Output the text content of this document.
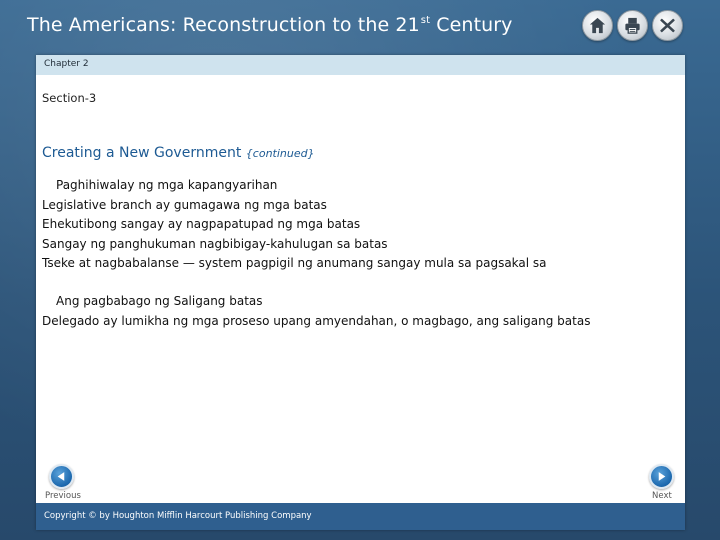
The Americans: Reconstruction to the 21st Century
Chapter 2
Section-3
Creating a New Government {continued}
Paghihiwalay ng mga kapangyarihan
Legislative branch ay gumagawa ng mga batas
Ehekutibong sangay ay nagpapatupad ng mga batas
Sangay ng panghukuman nagbibigay-kahulugan sa batas
Tseke at nagbabalanse — system pagpigil ng anumang sangay mula sa pagsakal sa
Ang pagbabago ng Saligang batas
Delegado ay lumikha ng mga proseso upang amyendahan, o magbago, ang saligang batas
Previous	Next
Copyright © by Houghton Mifflin Harcourt Publishing Company
